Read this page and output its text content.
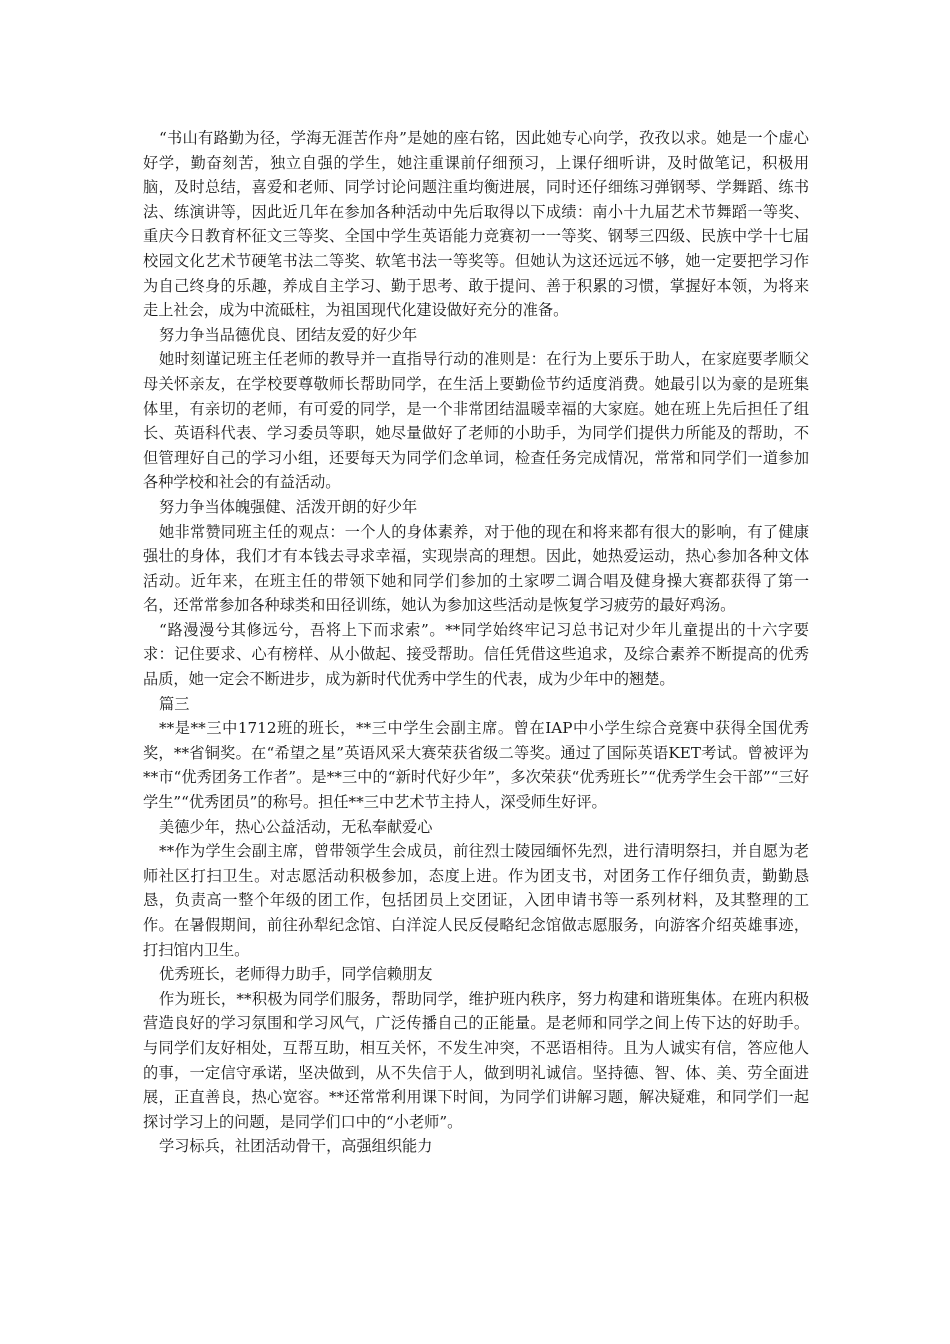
“书山有路勤为径，学海无涯苦作舟”是她的座右铭，因此她专心向学，孜孜以求。她是一个虚心好学，勤奋刻苦，独立自强的学生，她注重课前仔细预习，上课仔细听讲，及时做笔记，积极用脑，及时总结，喜爱和老师、同学讨论问题注重均衡进展，同时还仔细练习弹钢琴、学舞蹈、练书法、练演讲等，因此近几年在参加各种活动中先后取得以下成绩：南小十九届艺术节舞蹈一等奖、重庆今日教育杯征文三等奖、全国中学生英语能力竞赛初一一等奖、钢琴三四级、民族中学十七届校园文化艺术节硬笔书法二等奖、软笔书法一等奖等。但她认为这还远远不够，她一定要把学习作为自己终身的乐趣，养成自主学习、勤于思考、敢于提问、善于积累的习惯，掌握好本领，为将来走上社会，成为中流砥柱，为祖国现代化建设做好充分的准备。

努力争当品德优良、团结友爱的好少年

她时刻谨记班主任老师的教导并一直指导行动的准则是：在行为上要乐于助人，在家庭要孝顺父母关怀亲友，在学校要尊敬师长帮助同学，在生活上要勤俭节约适度消费。她最引以为豪的是班集体里，有亲切的老师，有可爱的同学，是一个非常团结温暖幸福的大家庭。她在班上先后担任了组长、英语科代表、学习委员等职，她尽量做好了老师的小助手，为同学们提供力所能及的帮助，不但管理好自己的学习小组，还要每天为同学们念单词，检查任务完成情况，常常和同学们一道参加各种学校和社会的有益活动。

努力争当体魄强健、活泼开朗的好少年

她非常赞同班主任的观点：一个人的身体素养，对于他的现在和将来都有很大的影响，有了健康强壮的身体，我们才有本钱去寻求幸福，实现崇高的理想。因此，她热爱运动，热心参加各种文体活动。近年来，在班主任的带领下她和同学们参加的土家啰二调合唱及健身操大赛都获得了第一名，还常常参加各种球类和田径训练，她认为参加这些活动是恢复学习疲劳的最好鸡汤。

“路漫漫兮其修远兮，吾将上下而求索”。**同学始终牢记习总书记对少年儿童提出的十六字要求：记住要求、心有榜样、从小做起、接受帮助。信任凭借这些追求，及综合素养不断提高的优秀品质，她一定会不断进步，成为新时代优秀中学生的代表，成为少年中的翘楚。

篇三

**是**三中1712班的班长，**三中学生会副主席。曾在IAP中小学生综合竞赛中获得全国优秀奖，**省铜奖。在“希望之星”英语风采大赛荣获省级二等奖。通过了国际英语KET考试。曾被评为**市“优秀团务工作者”。是**三中的“新时代好少年”，多次荣获“优秀班长”“优秀学生会干部”“三好学生”“优秀团员”的称号。担任**三中艺术节主持人，深受师生好评。

美德少年，热心公益活动，无私奉献爱心

**作为学生会副主席，曾带领学生会成员，前往烈士陵园缅怀先烈，进行清明祭扫，并自愿为老师社区打扫卫生。对志愿活动积极参加，态度上进。作为团支书，对团务工作仔细负责，勤勤恳恳，负责高一整个年级的团工作，包括团员上交团证，入团申请书等一系列材料，及其整理的工作。在暑假期间，前往孙犁纪念馆、白洋淀人民反侵略纪念馆做志愿服务，向游客介绍英雄事迹，打扫馆内卫生。

优秀班长，老师得力助手，同学信赖朋友

作为班长，**积极为同学们服务，帮助同学，维护班内秩序，努力构建和谐班集体。在班内积极营造良好的学习氛围和学习风气，广泛传播自己的正能量。是老师和同学之间上传下达的好助手。与同学们友好相处，互帮互助，相互关怀，不发生冲突，不恶语相待。且为人诚实有信，答应他人的事，一定信守承诺，坚决做到，从不失信于人，做到明礼诚信。坚持德、智、体、美、劳全面进展，正直善良，热心宽容。**还常常利用课下时间，为同学们讲解习题，解决疑难，和同学们一起探讨学习上的问题，是同学们口中的“小老师”。

学习标兵，社团活动骨干，高强组织能力
